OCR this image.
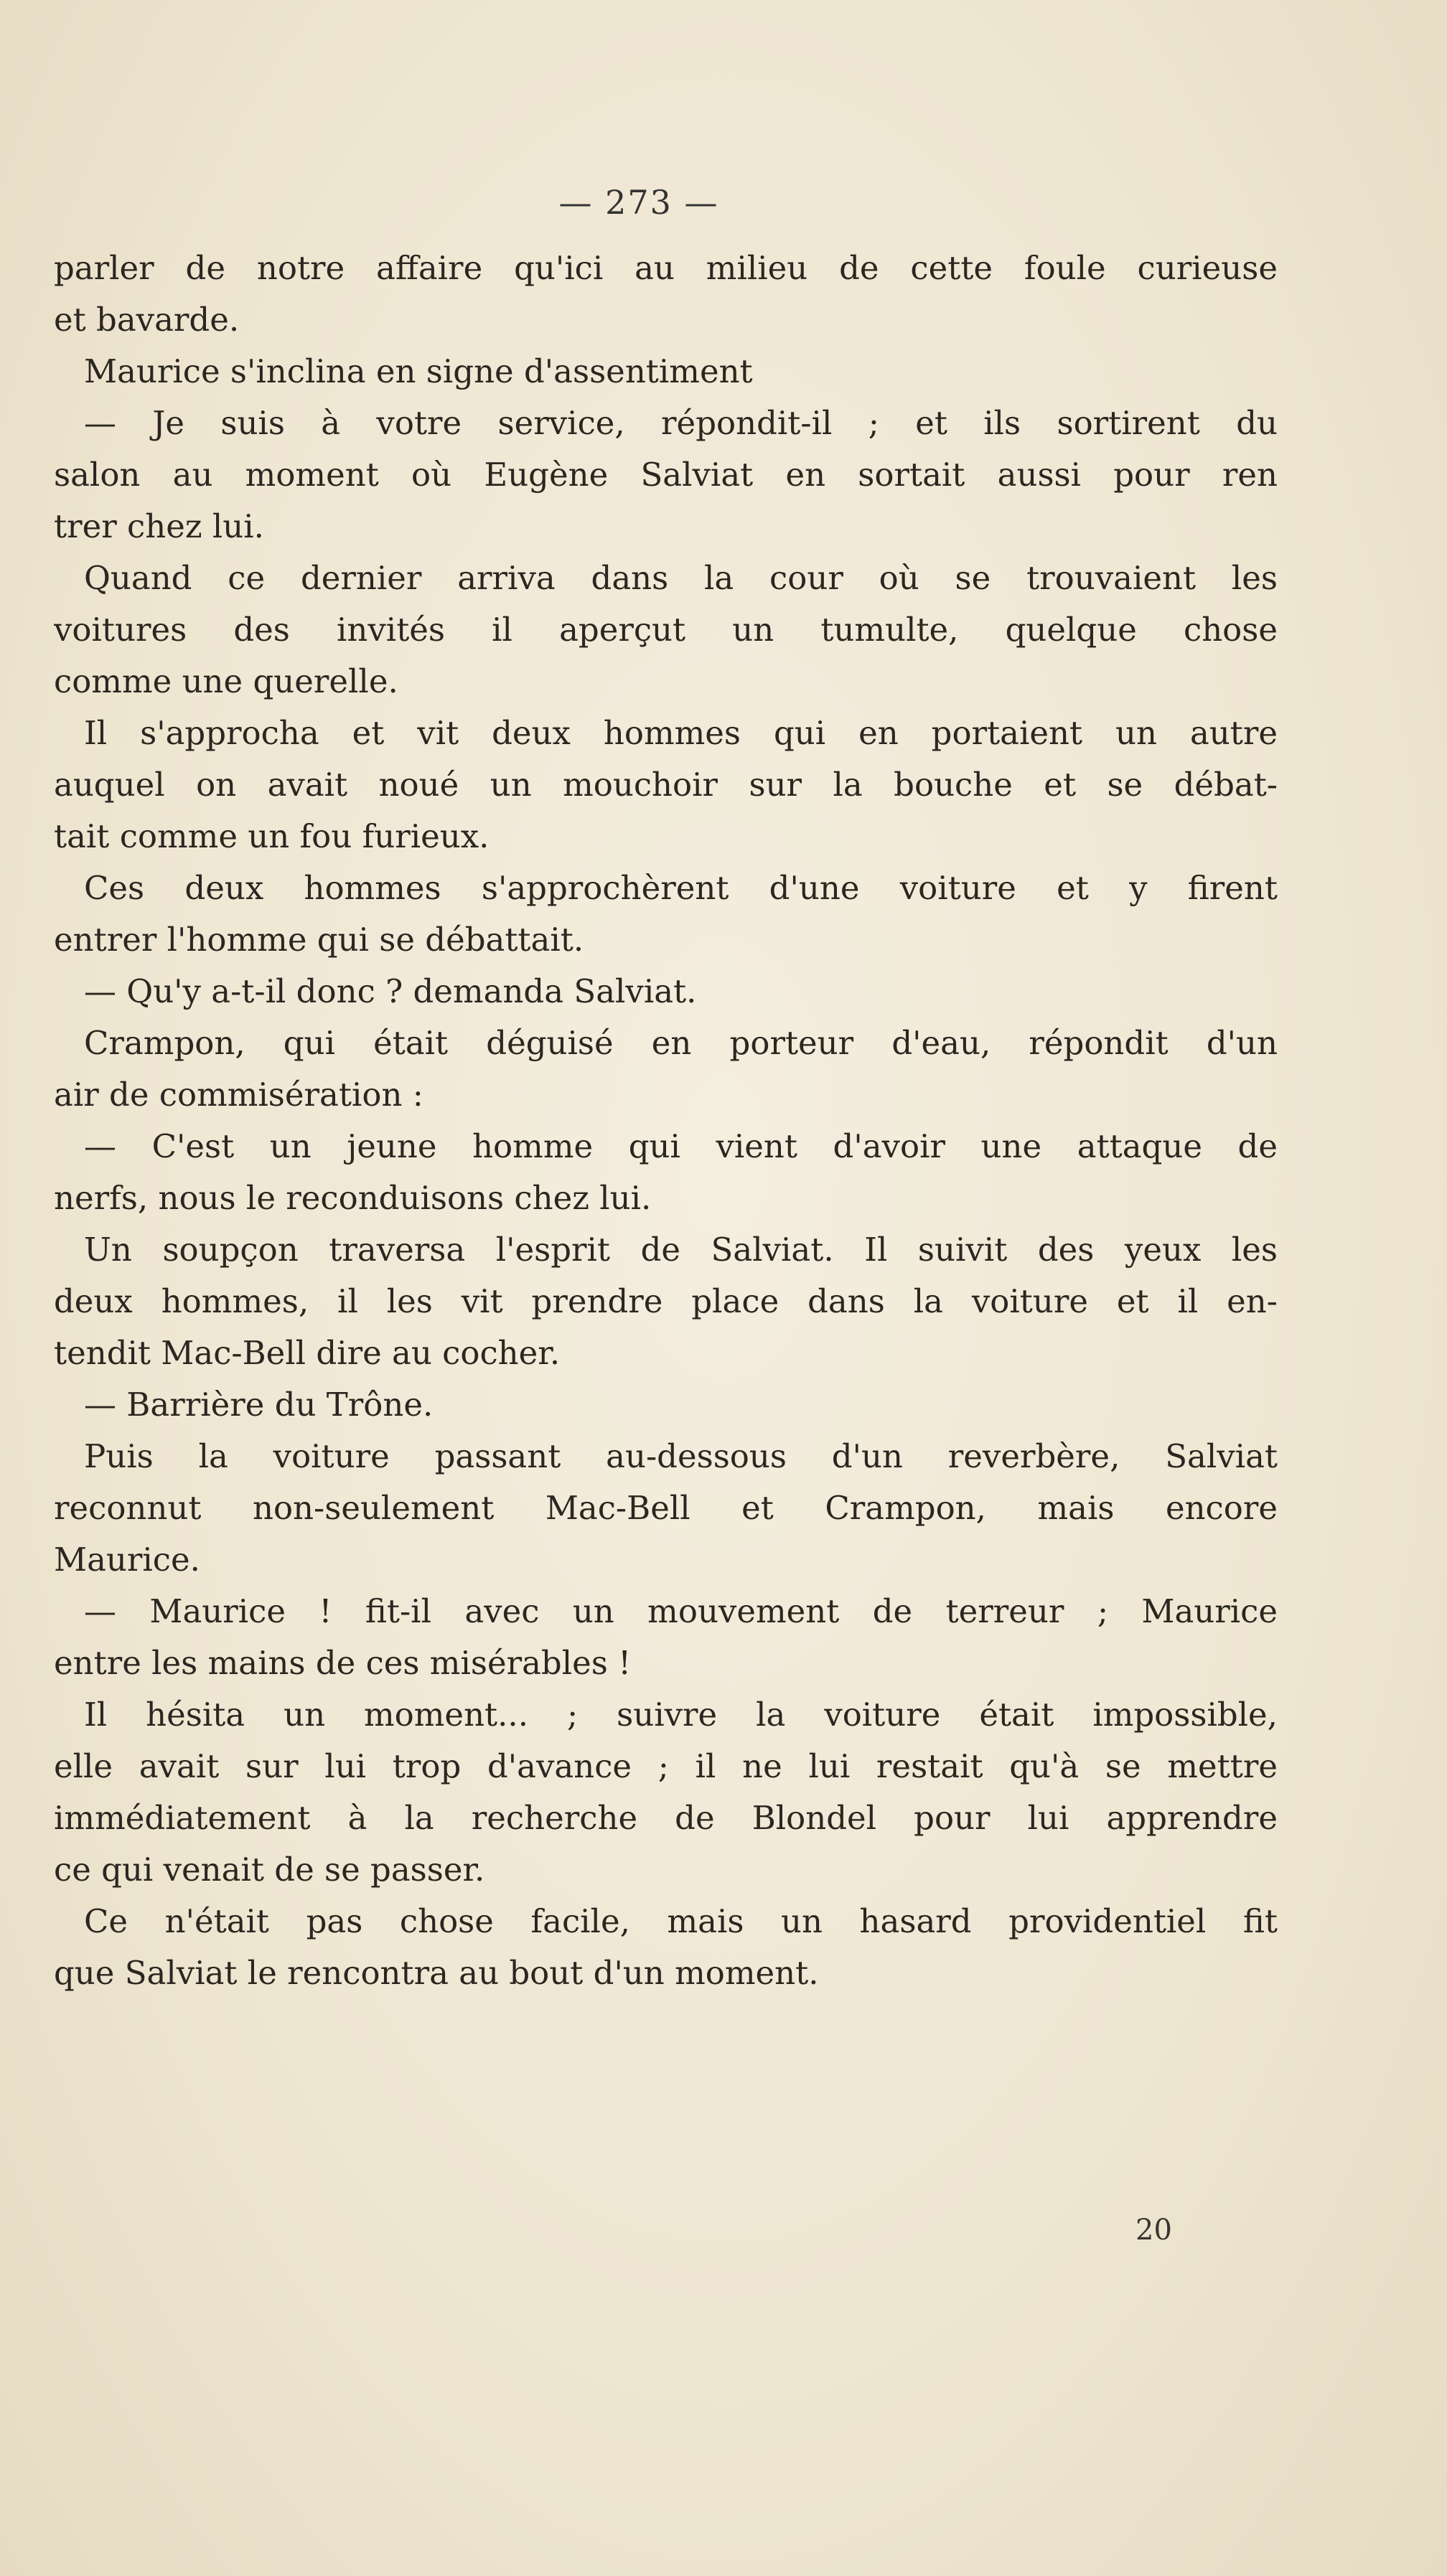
— 273 —
parler de notre affaire qu'ici au milieu de cette foule curieuse
et bavarde.
Maurice s'inclina en signe d'assentiment
— Je suis à votre service, répondit-il ; et ils sortirent du
salon au moment où Eugène Salviat en sortait aussi pour ren
trer chez lui.
Quand ce dernier arriva dans la cour où se trouvaient les
voitures des invités il aperçut un tumulte, quelque chose
comme une querelle.
Il s'approcha et vit deux hommes qui en portaient un autre
auquel on avait noué un mouchoir sur la bouche et se débat-
tait comme un fou furieux.
Ces deux hommes s'approchèrent d'une voiture et y firent
entrer l'homme qui se débattait.
— Qu'y a-t-il donc ? demanda Salviat.
Crampon, qui était déguisé en porteur d'eau, répondit d'un
air de commisération :
— C'est un jeune homme qui vient d'avoir une attaque de
nerfs, nous le reconduisons chez lui.
Un soupçon traversa l'esprit de Salviat. Il suivit des yeux les
deux hommes, il les vit prendre place dans la voiture et il en-
tendit Mac-Bell dire au cocher.
— Barrière du Trône.
Puis la voiture passant au-dessous d'un reverbère, Salviat
reconnut non-seulement Mac-Bell et Crampon, mais encore
Maurice.
— Maurice ! fit-il avec un mouvement de terreur ; Maurice
entre les mains de ces misérables !
Il hésita un moment... ; suivre la voiture était impossible,
elle avait sur lui trop d'avance ; il ne lui restait qu'à se mettre
immédiatement à la recherche de Blondel pour lui apprendre
ce qui venait de se passer.
Ce n'était pas chose facile, mais un hasard providentiel fit
que Salviat le rencontra au bout d'un moment.
20
